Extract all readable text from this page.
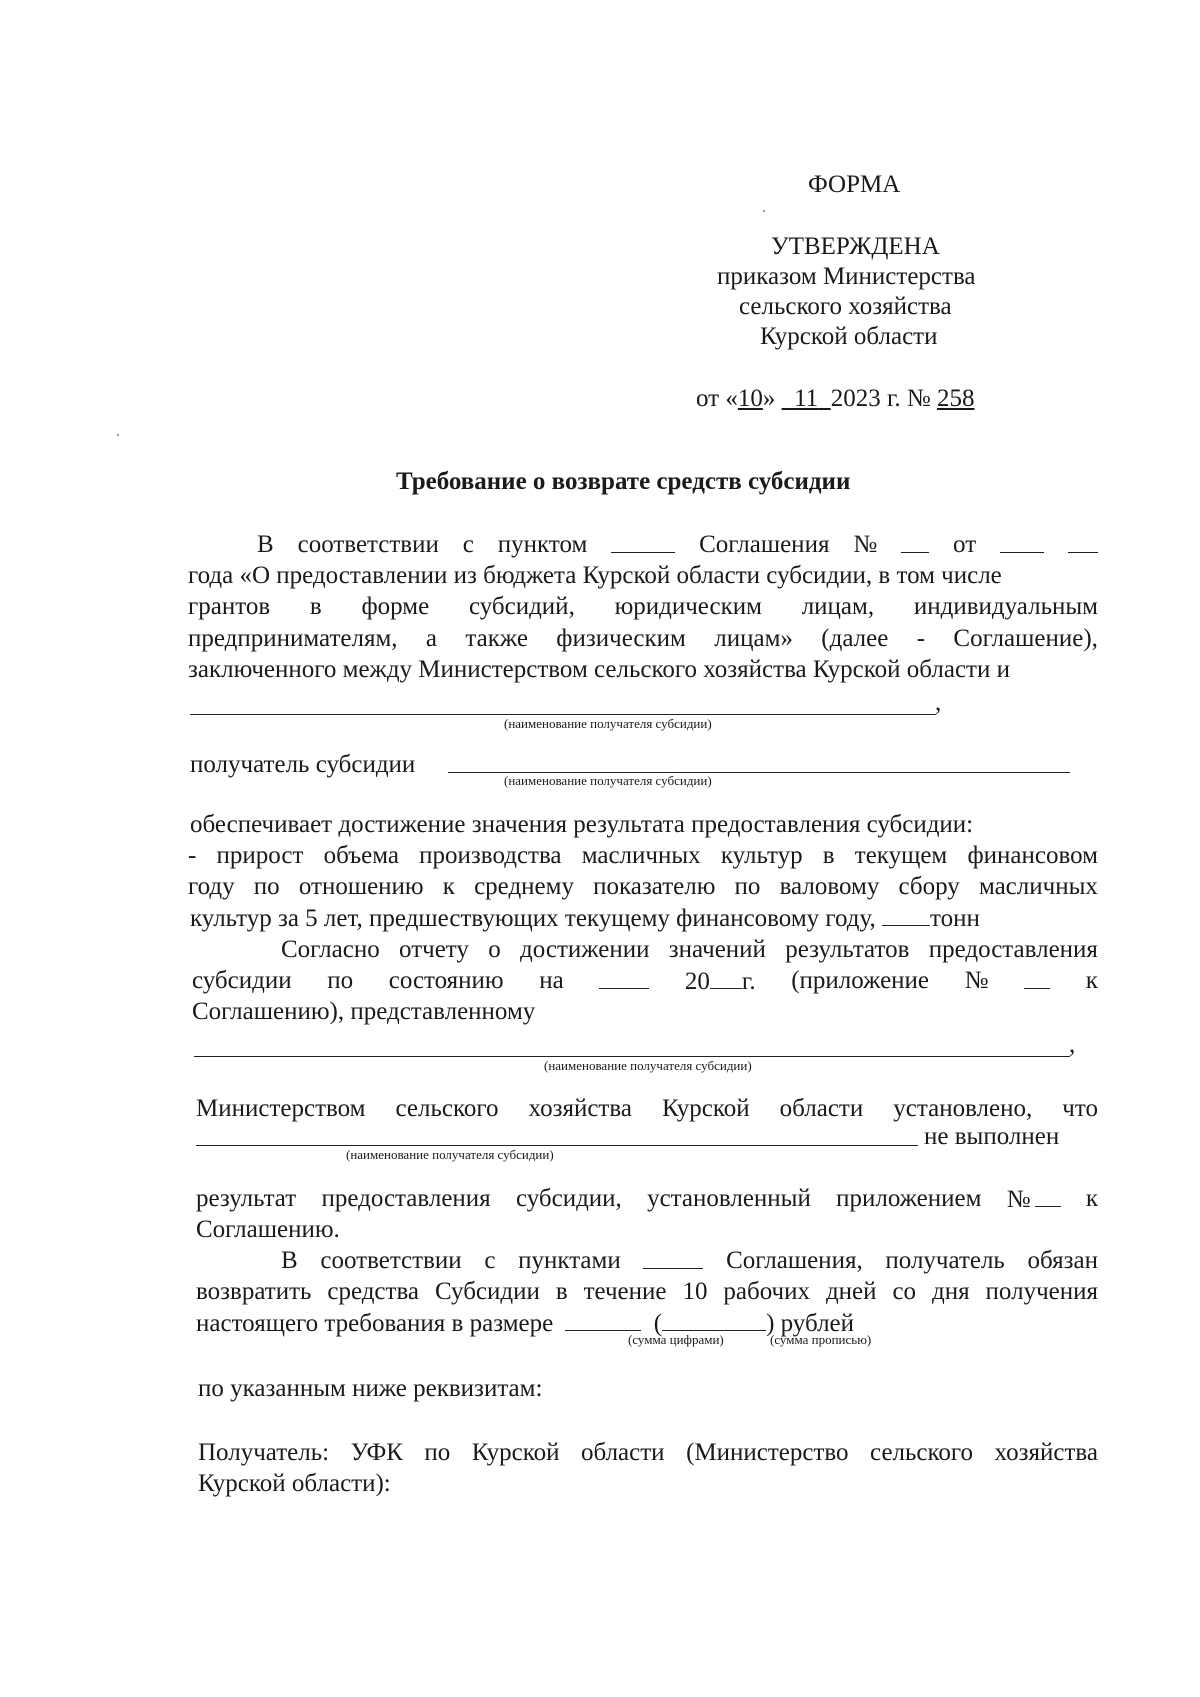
ФОРМА
УТВЕРЖДЕНА
приказом Министерства
сельского хозяйства
Курской области
от «10» 11 2023 г. № 258
Требование о возврате средств субсидии
В соответствии с пунктом	Соглашения №	от
года «О предоставлении из бюджета Курской области субсидии, в том числе
грантов в форме субсидий, юридическим лицам, индивидуальным
предпринимателям, а также физическим лицам» (далее - Соглашение),
заключенного между Министерством сельского хозяйства Курской области и
,
(наименование получателя субсидии)
получатель субсидии
(наименование получателя субсидии)
обеспечивает достижение значения результата предоставления субсидии:
- прирост объема производства масличных культур в текущем финансовом
году по отношению к среднему показателю по валовому сбору масличных
культур за 5 лет, предшествующих текущему финансовому году, тонн
Согласно отчету о достижении значений результатов предоставления
субсидии по состоянию на	20 г. (приложение №	к
Соглашению), представленному
,
(наименование получателя субсидии)
Министерством сельского хозяйства Курской области установлено, что
не выполнен
(наименование получателя субсидии)
результат предоставления субсидии, установленный приложением №	к
Соглашению.
В соответствии с пунктами	Соглашения, получатель обязан
возвратить средства Субсидии в течение 10 рабочих дней со дня получения
настоящего требования в размере	(	) рублей
(сумма цифрами)	(сумма прописью)
по указанным ниже реквизитам:
Получатель: УФК по Курской области (Министерство сельского хозяйства
Курской области):
